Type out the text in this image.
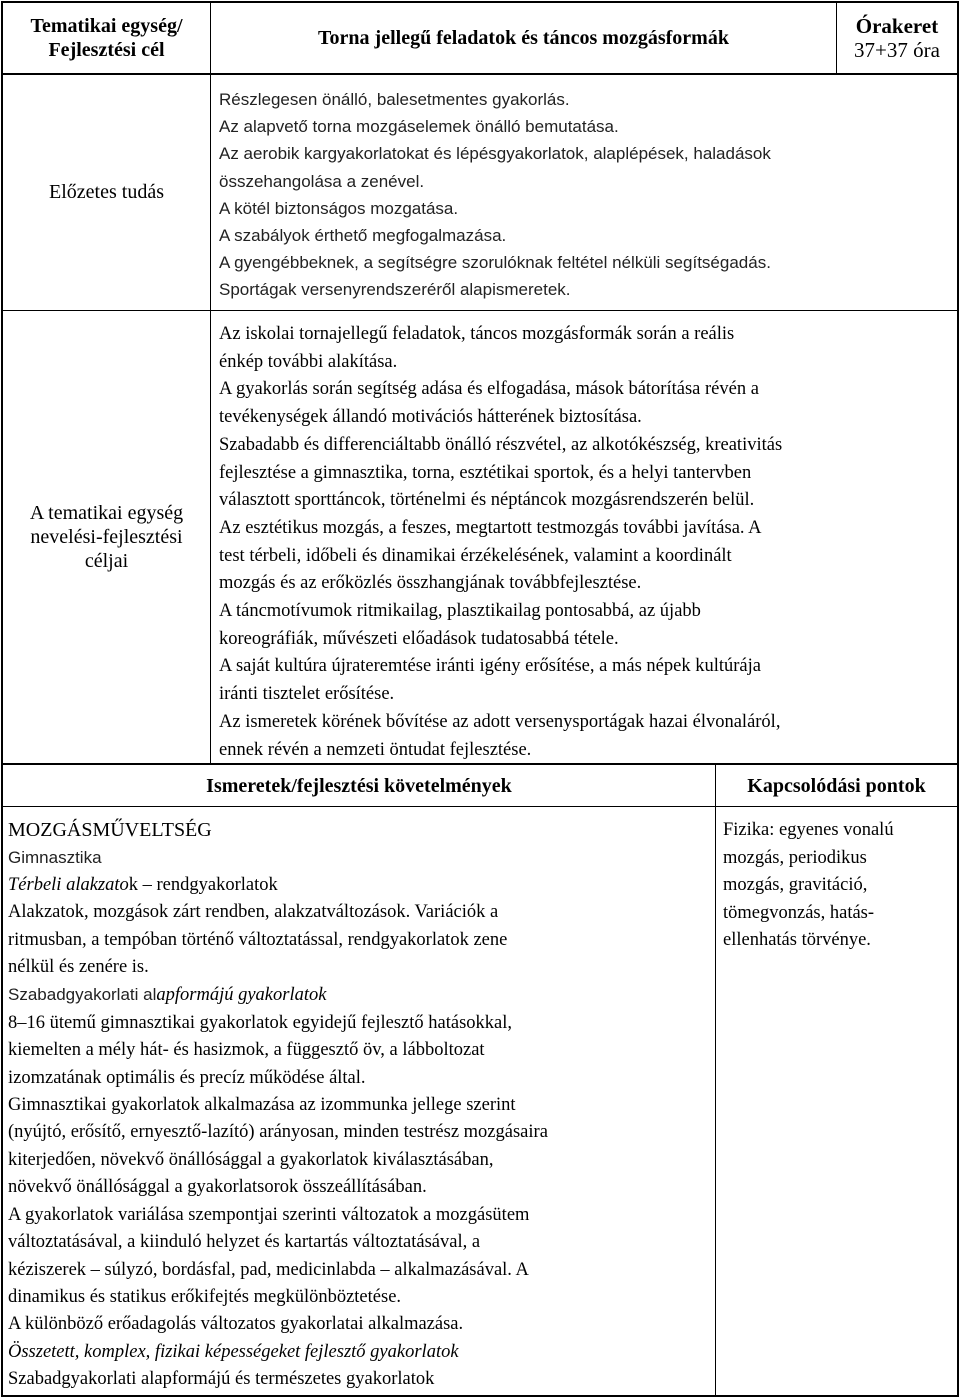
Tematikai egység/
Fejlesztési cél
Torna jellegű feladatok és táncos mozgásformák	Órakeret
37+37 óra
Előzetes tudás
Részlegesen önálló, balesetmentes gyakorlás.
Az alapvető torna mozgáselemek önálló bemutatása.
Az aerobik kargyakorlatokat és lépésgyakorlatok, alaplépések, haladások
összehangolása a zenével.
A kötél biztonságos mozgatása.
A szabályok érthető megfogalmazása.
A gyengébbeknek, a segítségre szorulóknak feltétel nélküli segítségadás.
Sportágak versenyrendszeréről alapismeretek.
A tematikai egység
nevelési-fejlesztési
céljai
Az iskolai tornajellegű feladatok, táncos mozgásformák során a reális
énkép további alakítása.
A gyakorlás során segítség adása és elfogadása, mások bátorítása révén a
tevékenységek állandó motivációs hátterének biztosítása.
Szabadabb és differenciáltabb önálló részvétel, az alkotókészség, kreativitás
fejlesztése a gimnasztika, torna, esztétikai sportok, és a helyi tantervben
választott sporttáncok, történelmi és néptáncok mozgásrendszerén belül.
Az esztétikus mozgás, a feszes, megtartott testmozgás további javítása. A
test térbeli, időbeli és dinamikai érzékelésének, valamint a koordinált
mozgás és az erőközlés összhangjának továbbfejlesztése.
A táncmotívumok ritmikailag, plasztikailag pontosabbá, az újabb
koreográfiák, művészeti előadások tudatosabbá tétele.
A saját kultúra újrateremtése iránti igény erősítése, a más népek kultúrája
iránti tisztelet erősítése.
Az ismeretek körének bővítése az adott versenysportágak hazai élvonaláról,
ennek révén a nemzeti öntudat fejlesztése.
Ismeretek/fejlesztési követelmények	Kapcsolódási pontok
MOZGÁSMŰVELTSÉG
Gimnasztika
Térbeli alakzatok – rendgyakorlatok
Alakzatok, mozgások zárt rendben, alakzatváltozások. Variációk a
ritmusban, a tempóban történő változtatással, rendgyakorlatok zene
nélkül és zenére is.
Szabadgyakorlati alapformájú gyakorlatok
8–16 ütemű gimnasztikai gyakorlatok egyidejű fejlesztő hatásokkal,
kiemelten a mély hát- és hasizmok, a függesztő öv, a lábboltozat
izomzatának optimális és precíz működése által.
Gimnasztikai gyakorlatok alkalmazása az izommunka jellege szerint
(nyújtó, erősítő, ernyesztő-lazító) arányosan, minden testrész mozgásaira
kiterjedően, növekvő önállósággal a gyakorlatok kiválasztásában,
növekvő önállósággal a gyakorlatsorok összeállításában.
A gyakorlatok variálása szempontjai szerinti változatok a mozgásütem
változtatásával, a kiinduló helyzet és kartartás változtatásával, a
kéziszerek – súlyzó, bordásfal, pad, medicinlabda – alkalmazásával. A
dinamikus és statikus erőkifejtés megkülönböztetése.
A különböző erőadagolás változatos gyakorlatai alkalmazása.
Összetett, komplex, fizikai képességeket fejlesztő gyakorlatok
Szabadgyakorlati alapformájú és természetes gyakorlatok
Fizika: egyenes vonalú
mozgás, periodikus
mozgás, gravitáció,
tömegvonzás, hatás-
ellenhatás törvénye.
